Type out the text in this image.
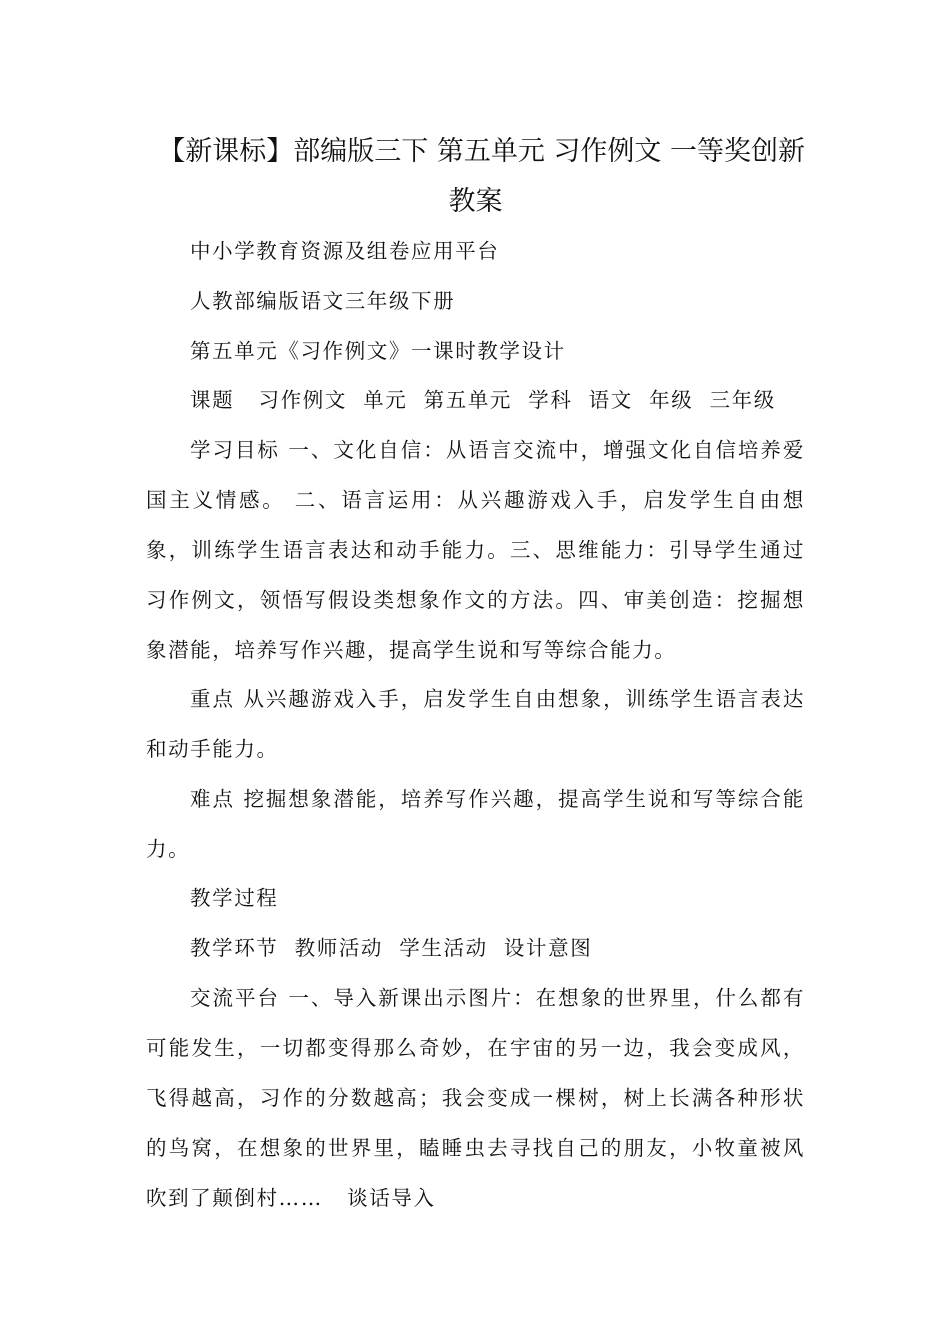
【新课标】部编版三下 第五单元 习作例文 一等奖创新
教案
中小学教育资源及组卷应用平台
人教部编版语文三年级下册
第五单元《习作例文》一课时教学设计
课题   习作例文  单元  第五单元  学科  语文  年级  三年级

学习目标 一、文化自信：从语言交流中，增强文化自信培养爱国主义情感。 二、语言运用：从兴趣游戏入手，启发学生自由想象，训练学生语言表达和动手能力。三、思维能力：引导学生通过习作例文，领悟写假设类想象作文的方法。四、审美创造：挖掘想象潜能，培养写作兴趣，提高学生说和写等综合能力。

重点 从兴趣游戏入手，启发学生自由想象，训练学生语言表达和动手能力。

难点 挖掘想象潜能，培养写作兴趣，提高学生说和写等综合能力。

教学过程
教学环节  教师活动  学生活动  设计意图

交流平台 一、导入新课出示图片：在想象的世界里，什么都有可能发生，一切都变得那么奇妙，在宇宙的另一边，我会变成风，飞得越高，习作的分数越高；我会变成一棵树，树上长满各种形状的鸟窝，在想象的世界里，瞌睡虫去寻找自己的朋友，小牧童被风吹到了颠倒村……   谈话导入
